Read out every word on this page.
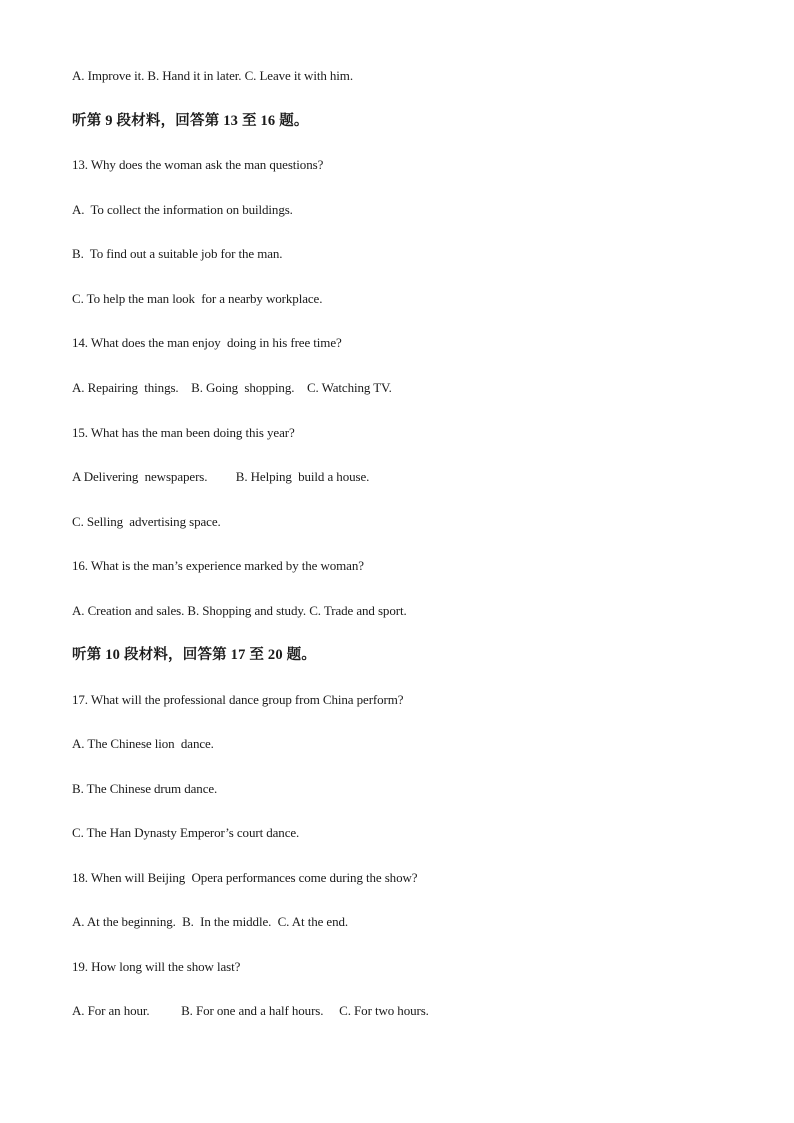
A. Improve it. B. Hand it in later. C. Leave it with him.
听第 9 段材料，回答第 13 至 16 题。
13. Why does the woman ask the man questions?
A.  To collect the information on buildings.
B.  To find out a suitable job for the man.
C. To help the man look  for a nearby workplace.
14. What does the man enjoy  doing in his free time?
A. Repairing  things.    B. Going  shopping.    C. Watching TV.
15. What has the man been doing this year?
A Delivering  newspapers.         B. Helping  build a house.
C. Selling  advertising space.
16. What is the man’s experience marked by the woman?
A. Creation and sales. B. Shopping and study. C. Trade and sport.
听第 10 段材料，回答第 17 至 20 题。
17. What will the professional dance group from China perform?
A. The Chinese lion  dance.
B. The Chinese drum dance.
C. The Han Dynasty Emperor’s court dance.
18. When will Beijing  Opera performances come during the show?
A. At the beginning.  B.  In the middle.  C. At the end.
19. How long will the show last?
A. For an hour.          B. For one and a half hours.     C. For two hours.
